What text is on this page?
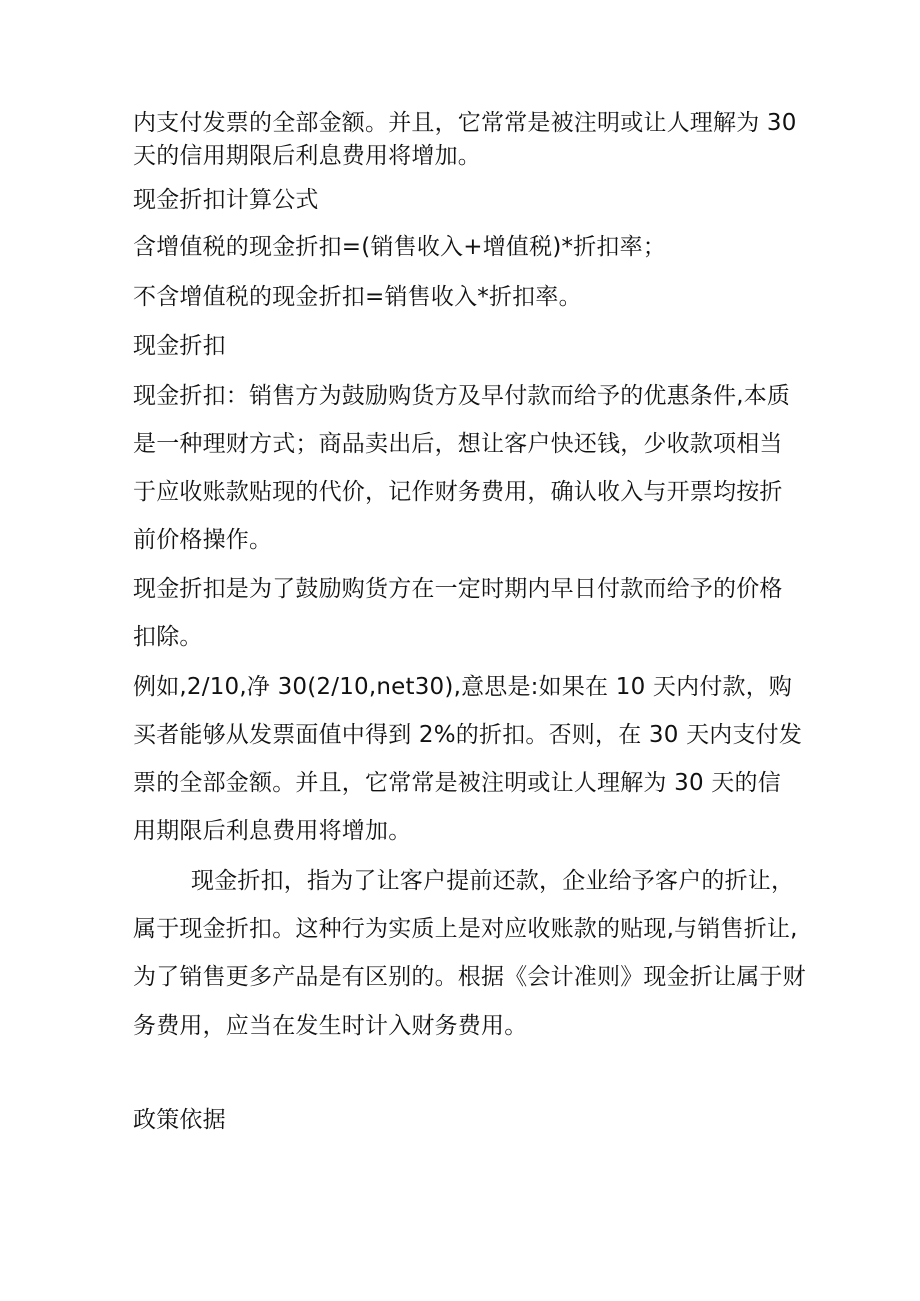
内支付发票的全部金额。并且，它常常是被注明或让人理解为 30
天的信用期限后利息费用将增加。
现金折扣计算公式
含增值税的现金折扣=(销售收入+增值税)*折扣率；
不含增值税的现金折扣=销售收入*折扣率。
现金折扣
现金折扣：销售方为鼓励购货方及早付款而给予的优惠条件,本质
是一种理财方式；商品卖出后，想让客户快还钱，少收款项相当
于应收账款贴现的代价，记作财务费用，确认收入与开票均按折
前价格操作。
现金折扣是为了鼓励购货方在一定时期内早日付款而给予的价格
扣除。
例如,2/10,净 30(2/10,net30),意思是:如果在 10 天内付款，购
买者能够从发票面值中得到 2%的折扣。否则，在 30 天内支付发
票的全部金额。并且，它常常是被注明或让人理解为 30 天的信
用期限后利息费用将增加。
现金折扣，指为了让客户提前还款，企业给予客户的折让，
属于现金折扣。这种行为实质上是对应收账款的贴现,与销售折让,
为了销售更多产品是有区别的。根据《会计准则》现金折让属于财
务费用，应当在发生时计入财务费用。
政策依据
